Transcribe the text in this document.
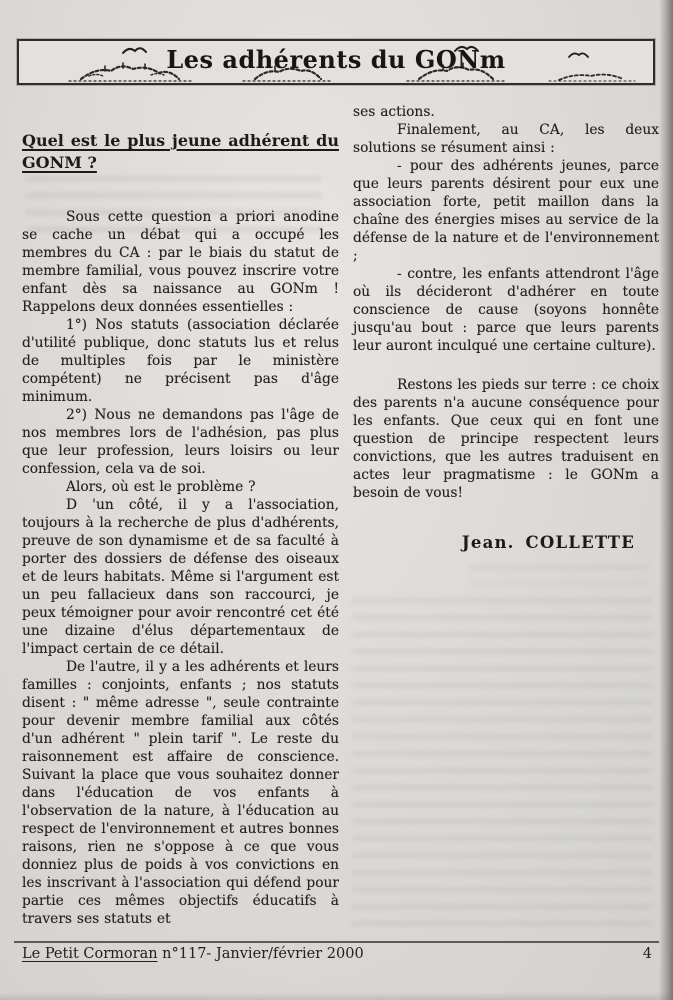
Les adhérents du GONm
Quel est le plus jeune adhérent du
GONM ?

Sous cette question a priori anodine se cache un débat qui a occupé les membres du CA : par le biais du statut de membre familial, vous pouvez inscrire votre enfant dès sa naissance au GONm ! Rappelons deux données essentielles :

1°) Nos statuts (association déclarée d'utilité publique, donc statuts lus et relus de multiples fois par le ministère compétent) ne précisent pas d'âge minimum.

2°) Nous ne demandons pas l'âge de nos membres lors de l'adhésion, pas plus que leur profession, leurs loisirs ou leur confession, cela va de soi.

Alors, où est le problème ?

D 'un côté, il y a l'association, toujours à la recherche de plus d'adhérents, preuve de son dynamisme et de sa faculté à porter des dossiers de défense des oiseaux et de leurs habitats. Même si l'argument est un peu fallacieux dans son raccourci, je peux témoigner pour avoir rencontré cet été une dizaine d'élus départementaux de l'impact certain de ce détail.

De l'autre, il y a les adhérents et leurs familles : conjoints, enfants ; nos statuts disent : " même adresse ", seule contrainte pour devenir membre familial aux côtés d'un adhérent " plein tarif ". Le reste du raisonnement est affaire de conscience. Suivant la place que vous souhaitez donner dans l'éducation de vos enfants à l'observation de la nature, à l'éducation au respect de l'environnement et autres bonnes raisons, rien ne s'oppose à ce que vous donniez plus de poids à vos convictions en les inscrivant à l'association qui défend pour partie ces mêmes objectifs éducatifs à travers ses statuts et

ses actions.

Finalement, au CA, les deux solutions se résument ainsi :

- pour des adhérents jeunes, parce que leurs parents désirent pour eux une association forte, petit maillon dans la chaîne des énergies mises au service de la défense de la nature et de l'environnement ;

- contre, les enfants attendront l'âge où ils décideront d'adhérer en toute conscience de cause (soyons honnête jusqu'au bout : parce que leurs parents leur auront inculqué une certaine culture).

Restons les pieds sur terre : ce choix des parents n'a aucune conséquence pour les enfants. Que ceux qui en font une question de principe respectent leurs convictions, que les autres traduisent en actes leur pragmatisme : le GONm a besoin de vous!

Jean. COLLETTE
Le Petit Cormoran n°117- Janvier/février 2000	4
